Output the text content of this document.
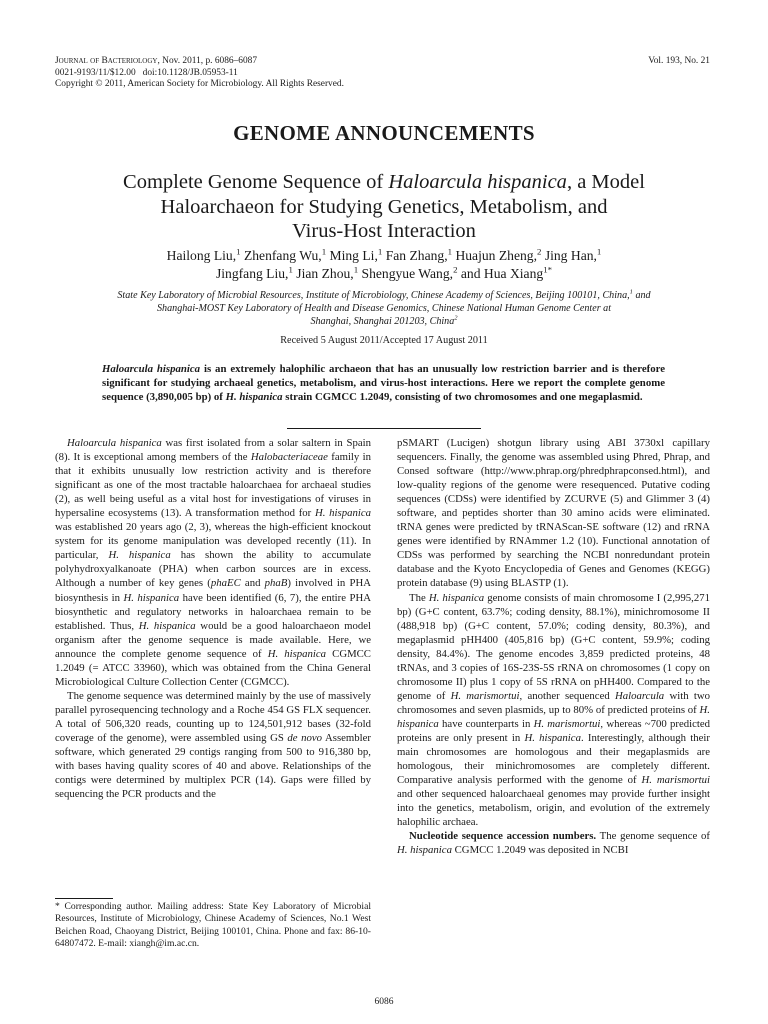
Journal of Bacteriology, Nov. 2011, p. 6086–6087
0021-9193/11/$12.00 doi:10.1128/JB.05953-11
Copyright © 2011, American Society for Microbiology. All Rights Reserved.
Vol. 193, No. 21
GENOME ANNOUNCEMENTS
Complete Genome Sequence of Haloarcula hispanica, a Model
Haloarchaeon for Studying Genetics, Metabolism, and
Virus-Host Interaction
Hailong Liu,$^1$ Zhenfang Wu,$^1$ Ming Li,$^1$ Fan Zhang,$^1$ Huajun Zheng,$^2$ Jing Han,$^1$
Jingfang Liu,$^1$ Jian Zhou,$^1$ Shengyue Wang,$^2$ and Hua Xiang$^{1*}$
State Key Laboratory of Microbial Resources, Institute of Microbiology, Chinese Academy of Sciences, Beijing 100101, China,$^1$ and
Shanghai-MOST Key Laboratory of Health and Disease Genomics, Chinese National Human Genome Center at
Shanghai, Shanghai 201203, China$^2$
Received 5 August 2011/Accepted 17 August 2011
Haloarcula hispanica is an extremely halophilic archaeon that has an unusually low restriction barrier and is therefore significant for studying archaeal genetics, metabolism, and virus-host interactions. Here we report the complete genome sequence (3,890,005 bp) of H. hispanica strain CGMCC 1.2049, consisting of two chromosomes and one megaplasmid.

Haloarcula hispanica was first isolated from a solar saltern in Spain (8). It is exceptional among members of the Halobacteriaceae family in that it exhibits unusually low restriction activity and is therefore significant as one of the most tractable haloarchaea for archaeal studies (2), as well being useful as a vital host for investigations of viruses in hypersaline ecosystems (13). A transformation method for H. hispanica was established 20 years ago (2, 3), whereas the high-efficient knockout system for its genome manipulation was developed recently (11). In particular, H. hispanica has shown the ability to accumulate polyhydroxyalkanoate (PHA) when carbon sources are in excess. Although a number of key genes (phaEC and phaB) involved in PHA biosynthesis in H. hispanica have been identified (6, 7), the entire PHA biosynthetic and regulatory networks in haloarchaea remain to be established. Thus, H. hispanica would be a good haloarchaeon model organism after the genome sequence is made available. Here, we announce the complete genome sequence of H. hispanica CGMCC 1.2049 (= ATCC 33960), which was obtained from the China General Microbiological Culture Collection Center (CGMCC).

The genome sequence was determined mainly by the use of massively parallel pyrosequencing technology and a Roche 454 GS FLX sequencer. A total of 506,320 reads, counting up to 124,501,912 bases (32-fold coverage of the genome), were assembled using GS de novo Assembler software, which generated 29 contigs ranging from 500 to 916,380 bp, with bases having quality scores of 40 and above. Relationships of the contigs were determined by multiplex PCR (14). Gaps were filled by sequencing the PCR products and the

* Corresponding author. Mailing address: State Key Laboratory of Microbial Resources, Institute of Microbiology, Chinese Academy of Sciences, No.1 West Beichen Road, Chaoyang District, Beijing 100101, China. Phone and fax: 86-10-64807472. E-mail: xiangh@im.ac.cn.

pSMART (Lucigen) shotgun library using ABI 3730xl capillary sequencers. Finally, the genome was assembled using Phred, Phrap, and Consed software (http://www.phrap.org/phredphrapconsed.html), and low-quality regions of the genome were resequenced. Putative coding sequences (CDSs) were identified by ZCURVE (5) and Glimmer 3 (4) software, and peptides shorter than 30 amino acids were eliminated. tRNA genes were predicted by tRNAScan-SE software (12) and rRNA genes were identified by RNAmmer 1.2 (10). Functional annotation of CDSs was performed by searching the NCBI nonredundant protein database and the Kyoto Encyclopedia of Genes and Genomes (KEGG) protein database (9) using BLASTP (1).

The H. hispanica genome consists of main chromosome I (2,995,271 bp) (G+C content, 63.7%; coding density, 88.1%), minichromosome II (488,918 bp) (G+C content, 57.0%; coding density, 80.3%), and megaplasmid pHH400 (405,816 bp) (G+C content, 59.9%; coding density, 84.4%). The genome encodes 3,859 predicted proteins, 48 tRNAs, and 3 copies of 16S-23S-5S rRNA on chromosomes (1 copy on chromosome II) plus 1 copy of 5S rRNA on pHH400. Compared to the genome of H. marismortui, another sequenced Haloarcula with two chromosomes and seven plasmids, up to 80% of predicted proteins of H. hispanica have counterparts in H. marismortui, whereas ~700 predicted proteins are only present in H. hispanica. Interestingly, although their main chromosomes are homologous and their megaplasmids are homologous, their minichromosomes are completely different. Comparative analysis performed with the genome of H. marismortui and other sequenced haloarchaeal genomes may provide further insight into the genetics, metabolism, origin, and evolution of the extremely halophilic archaea.

Nucleotide sequence accession numbers. The genome sequence of H. hispanica CGMCC 1.2049 was deposited in NCBI

6086
